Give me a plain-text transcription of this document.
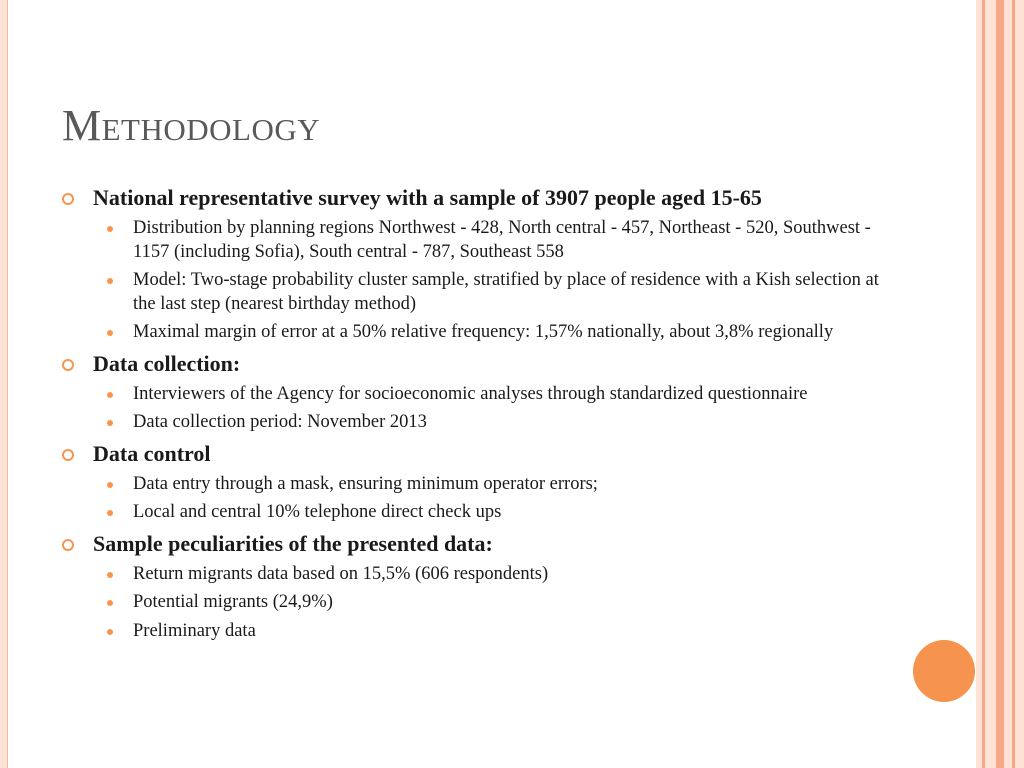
Methodology
National representative survey with a sample of 3907 people aged 15-65
Distribution by planning regions Northwest - 428, North central - 457, Northeast - 520, Southwest - 1157 (including Sofia), South central - 787, Southeast 558
Model: Two-stage probability cluster sample, stratified by place of residence with a Kish selection at the last step (nearest birthday method)
Maximal margin of error at a 50% relative frequency: 1,57% nationally, about 3,8% regionally
Data collection:
Interviewers of the Agency for socioeconomic analyses through standardized questionnaire
Data collection period: November 2013
Data control
Data entry through a mask, ensuring minimum operator errors;
Local and central 10% telephone direct check ups
Sample peculiarities of the presented data:
Return migrants data based on 15,5% (606 respondents)
Potential migrants (24,9%)
Preliminary data
